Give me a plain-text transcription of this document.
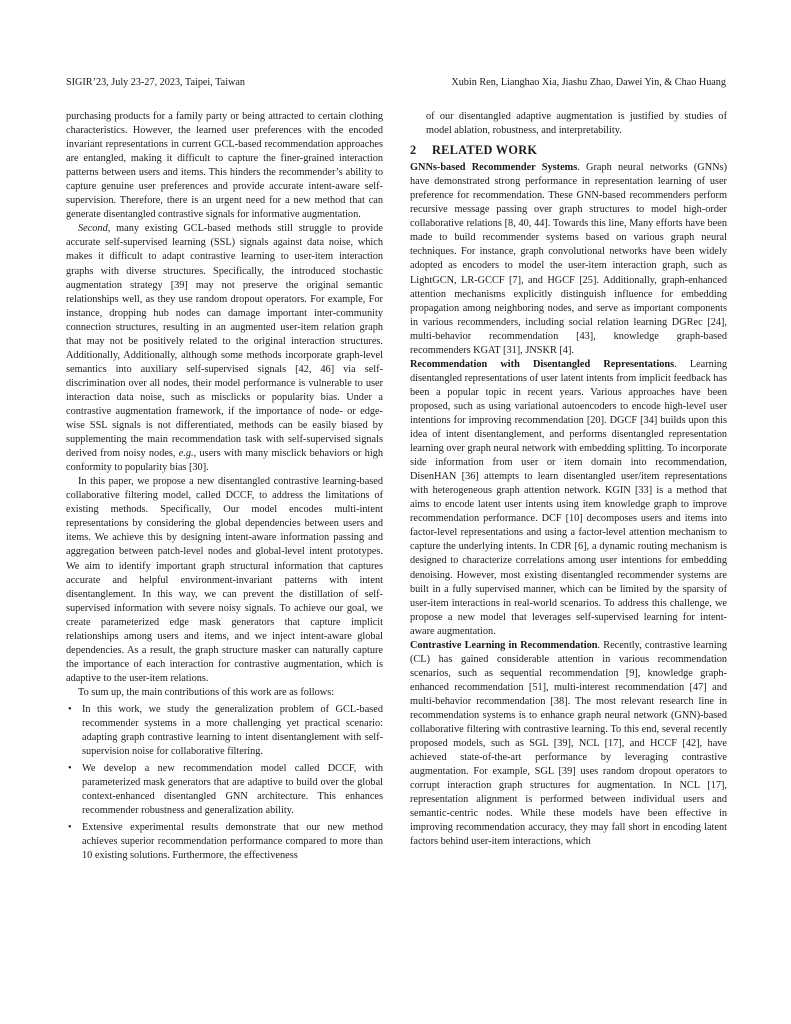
SIGIR’23, July 23-27, 2023, Taipei, Taiwan	Xubin Ren, Lianghao Xia, Jiashu Zhao, Dawei Yin, & Chao Huang

purchasing products for a family party or being attracted to certain clothing characteristics. However, the learned user preferences with the encoded invariant representations in current GCL-based recommendation approaches are entangled, making it difficult to capture the finer-grained interaction patterns between users and items. This hinders the recommender’s ability to capture genuine user preferences and provide accurate intent-aware self-supervision. Therefore, there is an urgent need for a new method that can generate disentangled contrastive signals for informative augmentation.

Second, many existing GCL-based methods still struggle to provide accurate self-supervised learning (SSL) signals against data noise, which makes it difficult to adapt contrastive learning to user-item interaction graphs with diverse structures. Specifically, the introduced stochastic augmentation strategy [39] may not preserve the original semantic relationships well, as they use random dropout operators. For example, For instance, dropping hub nodes can damage important inter-community connection structures, resulting in an augmented user-item relation graph that may not be positively related to the original interaction structures. Additionally, Additionally, although some methods incorporate graph-level semantics into auxiliary self-supervised signals [42, 46] via self-discrimination over all nodes, their model performance is vulnerable to user interaction data noise, such as misclicks or popularity bias. Under a contrastive augmentation framework, if the importance of node- or edge-wise SSL signals is not differentiated, methods can be easily biased by supplementing the main recommendation task with self-supervised signals derived from noisy nodes, e.g., users with many misclick behaviors or high conformity to popularity bias [30].

In this paper, we propose a new disentangled contrastive learning-based collaborative filtering model, called DCCF, to address the limitations of existing methods. Specifically, Our model encodes multi-intent representations by considering the global dependencies between users and items. We achieve this by designing intent-aware information passing and aggregation between patch-level nodes and global-level intent prototypes. We aim to identify important graph structural information that captures accurate and helpful environment-invariant patterns with intent disentanglement. In this way, we can prevent the distillation of self-supervised information with severe noisy signals. To achieve our goal, we create parameterized edge mask generators that capture implicit relationships among users and items, and we inject intent-aware global dependencies. As a result, the graph structure masker can naturally capture the importance of each interaction for contrastive augmentation, which is adaptive to the user-item relations.

To sum up, the main contributions of this work are as follows:

• In this work, we study the generalization problem of GCL-based recommender systems in a more challenging yet practical scenario: adapting graph contrastive learning to intent disentanglement with self-supervision noise for collaborative filtering.
• We develop a new recommendation model called DCCF, with parameterized mask generators that are adaptive to build over the global context-enhanced disentangled GNN architecture. This enhances recommender robustness and generalization ability.
• Extensive experimental results demonstrate that our new method achieves superior recommendation performance compared to more than 10 existing solutions. Furthermore, the effectiveness

of our disentangled adaptive augmentation is justified by studies of model ablation, robustness, and interpretability.

2 RELATED WORK

GNNs-based Recommender Systems. Graph neural networks (GNNs) have demonstrated strong performance in representation learning of user preference for recommendation. These GNN-based recommenders perform recursive message passing over graph structures to model high-order collaborative relations [8, 40, 44]. Towards this line, Many efforts have been made to build recommender systems based on various graph neural techniques. For instance, graph convolutional networks have been widely adopted as encoders to model the user-item interaction graph, such as LightGCN, LR-GCCF [7], and HGCF [25]. Additionally, graph-enhanced attention mechanisms explicitly distinguish influence for embedding propagation among neighboring nodes, and serve as important components in various recommenders, including social relation learning DGRec [24], multi-behavior recommendation [43], knowledge graph-based recommenders KGAT [31], JNSKR [4].

Recommendation with Disentangled Representations. Learning disentangled representations of user latent intents from implicit feedback has been a popular topic in recent years. Various approaches have been proposed, such as using variational autoencoders to encode high-level user intentions for improving recommendation [20]. DGCF [34] builds upon this idea of intent disentanglement, and performs disentangled representation learning over graph neural network with embedding splitting. To incorporate side information from user or item domain into recommendation, DisenHAN [36] attempts to learn disentangled user/item representations with heterogeneous graph attention network. KGIN [33] is a method that aims to encode latent user intents using item knowledge graph to improve recommendation performance. DCF [10] decomposes users and items into factor-level representations and using a factor-level attention mechanism to capture the underlying intents. In CDR [6], a dynamic routing mechanism is designed to characterize correlations among user intentions for embedding denoising. However, most existing disentangled recommender systems are built in a fully supervised manner, which can be limited by the sparsity of user-item interactions in real-world scenarios. To address this challenge, we propose a new model that leverages self-supervised learning for intent-aware augmentation.

Contrastive Learning in Recommendation. Recently, contrastive learning (CL) has gained considerable attention in various recommendation scenarios, such as sequential recommendation [9], knowledge graph-enhanced recommendation [51], multi-interest recommendation [47] and multi-behavior recommendation [38]. The most relevant research line in recommendation systems is to enhance graph neural network (GNN)-based collaborative filtering with contrastive learning. To this end, several recently proposed models, such as SGL [39], NCL [17], and HCCF [42], have achieved state-of-the-art performance by leveraging contrastive augmentation. For example, SGL [39] uses random dropout operators to corrupt interaction graph structures for augmentation. In NCL [17], representation alignment is performed between individual users and semantic-centric nodes. While these models have been effective in improving recommendation accuracy, they may fall short in encoding latent factors behind user-item interactions, which
